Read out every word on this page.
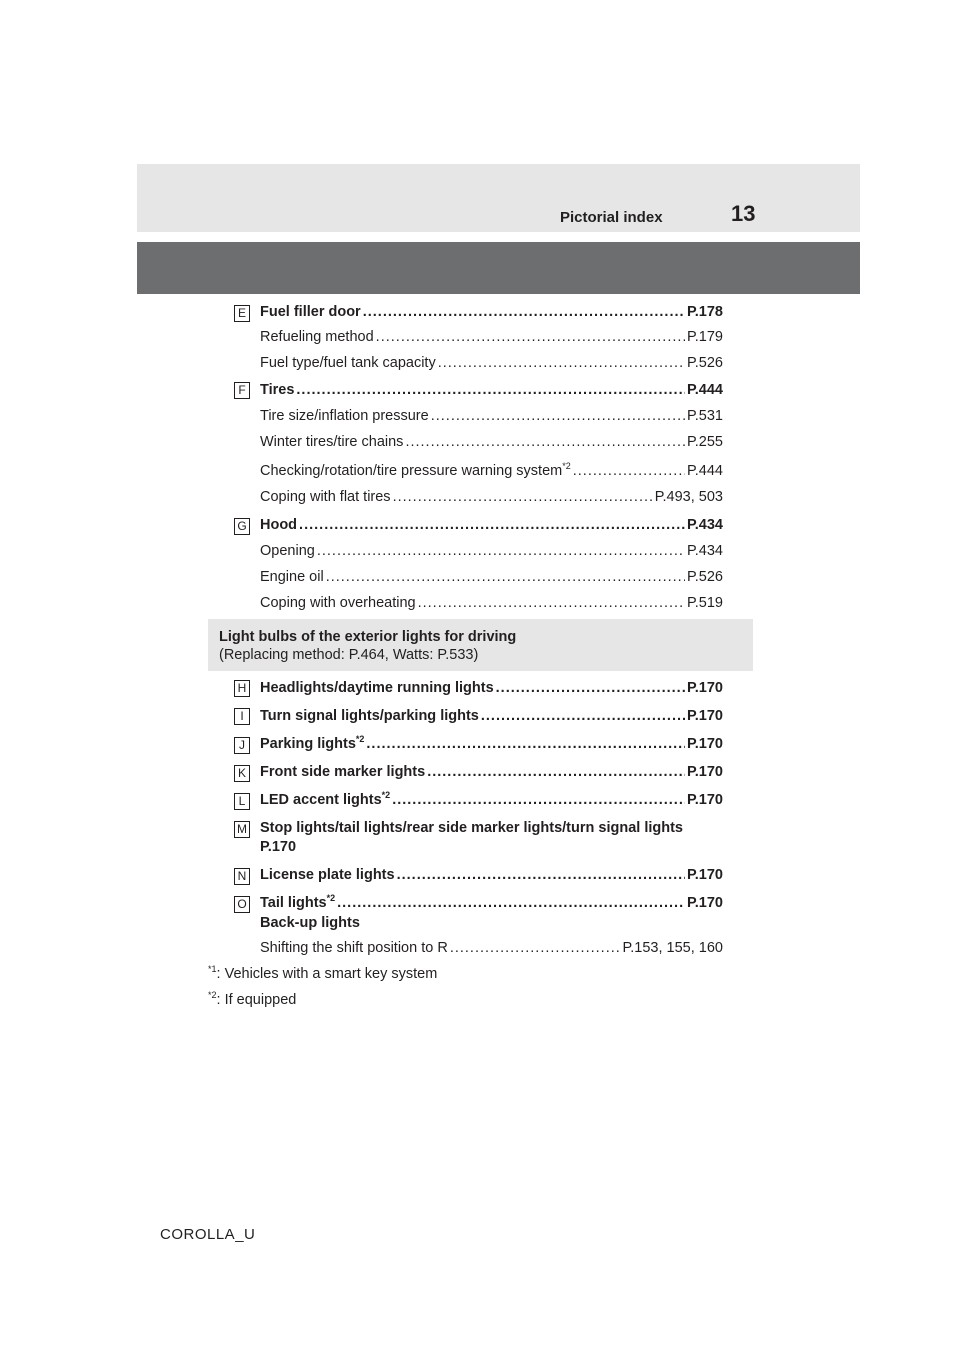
Pictorial index	13
E Fuel filler door .....	P.178
Refueling method .....	P.179
Fuel type/fuel tank capacity .....	P.526
F Tires .....	P.444
Tire size/inflation pressure .....	P.531
Winter tires/tire chains .....	P.255
Checking/rotation/tire pressure warning system$^{*2}$ .....	P.444
Coping with flat tires .....	P.493, 503
G Hood .....	P.434
Opening .....	P.434
Engine oil .....	P.526
Coping with overheating .....	P.519
Light bulbs of the exterior lights for driving
(Replacing method: P.464, Watts: P.533)
H Headlights/daytime running lights .....	P.170
I	Turn signal lights/parking lights .....	P.170
J	Parking lights$^{*2}$ .....	P.170
K Front side marker lights .....	P.170
L	LED accent lights$^{*2}$ .....	P.170
M Stop lights/tail lights/rear side marker lights/turn signal lights
P.170
N License plate lights .....	P.170
O Tail lights$^{*2}$ .....	P.170
Back-up lights
Shifting the shift position to R .....	P.153, 155, 160
$^{*1}$: Vehicles with a smart key system
$^{*2}$: If equipped
COROLLA_U
